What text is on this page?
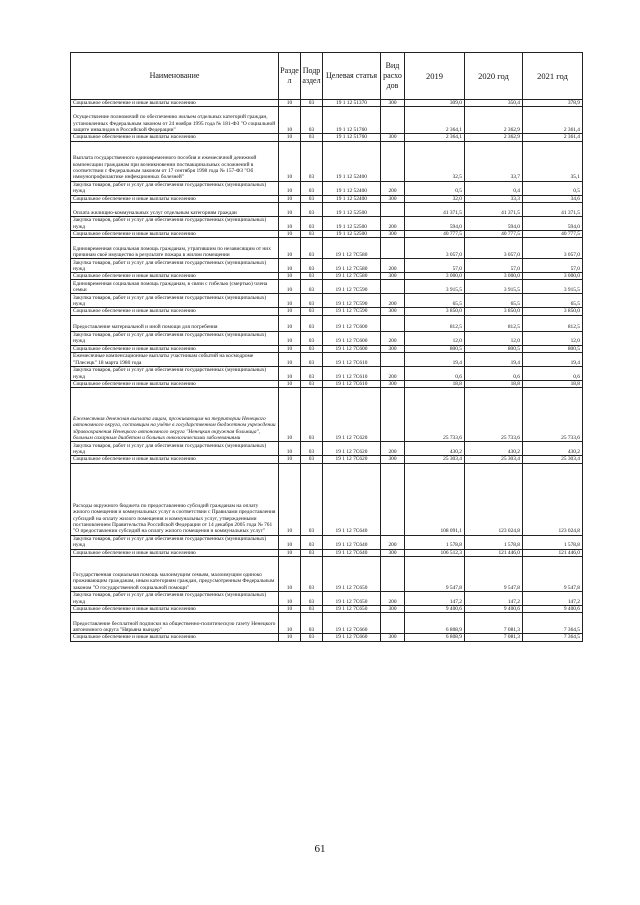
Наименование	Разде л	Подр аздел	Целевая статья	Вид расхо дов	2019	2020 год	2021 год
Социальное обеспечение и иные выплаты населению	10	03	19 1 12 51370	300	309,0	350,4	378,9
Осуществление полномочий по обеспечению жильем отдельных категорий граждан, установленных Федеральным законом от 24 ноября 1995 года № 181-ФЗ "О социальной защите инвалидов в Российской Федерации"	10	03	19 1 12 51760		2 364,1	2 362,9	2 361,4
Социальное обеспечение и иные выплаты населению	10	03	19 1 12 51760	300	2 364,1	2 362,9	2 361,4
Выплата государственного единовременного пособия и ежемесячной денежной компенсации гражданам при возникновении поствакцинальных осложнений в соответствии с Федеральным законом от 17 сентября 1998 года № 157-ФЗ "Об иммунопрофилактике инфекционных болезней"	10	03	19 1 12 52400		32,5	33,7	35,1
Закупка товаров, работ и услуг для обеспечения государственных (муниципальных) нужд	10	03	19 1 12 52400	200	0,5	0,4	0,5
Социальное обеспечение и иные выплаты населению	10	03	19 1 12 52400	300	32,0	33,3	34,6
Оплата жилищно-коммунальных услуг отдельным категориям граждан	10	03	19 1 12 52500		41 371,5	41 371,5	41 371,5
Закупка товаров, работ и услуг для обеспечения государственных (муниципальных) нужд	10	03	19 1 12 52500	200	594,0	594,0	594,0
Социальное обеспечение и иные выплаты населению	10	03	19 1 12 52500	300	40 777,5	40 777,5	40 777,5
Единовременная социальная помощь гражданам, утратившим по независящим от них причинам своё имущество в результате пожара в жилом помещении	10	03	19 1 12 7С580		3 057,0	3 057,0	3 057,0
Закупка товаров, работ и услуг для обеспечения государственных (муниципальных) нужд	10	03	19 1 12 7С580	200	57,0	57,0	57,0
Социальное обеспечение и иные выплаты населению	10	03	19 1 12 7С580	300	3 000,0	3 000,0	3 000,0
Единовременная социальная помощь гражданам, в связи с гибелью (смертью) члена семьи	10	03	19 1 12 7С590		3 915,5	3 915,5	3 915,5
Закупка товаров, работ и услуг для обеспечения государственных (муниципальных) нужд	10	03	19 1 12 7С590	200	65,5	65,5	65,5
Социальное обеспечение и иные выплаты населению	10	03	19 1 12 7С590	300	3 850,0	3 850,0	3 850,0
Предоставление материальной и иной помощи для погребения	10	03	19 1 12 7С600		812,5	812,5	812,5
Закупка товаров, работ и услуг для обеспечения государственных (муниципальных) нужд	10	03	19 1 12 7С600	200	12,0	12,0	12,0
Социальное обеспечение и иные выплаты населению	10	03	19 1 12 7С600	300	800,5	800,5	800,5
Ежемесячные компенсационные выплаты участникам событий на космодроме "Плесецк" 18 марта 1980 года	10	03	19 1 12 7С610		19,4	19,4	19,4
Закупка товаров, работ и услуг для обеспечения государственных (муниципальных) нужд	10	03	19 1 12 7С610	200	0,6	0,6	0,6
Социальное обеспечение и иные выплаты населению	10	03	19 1 12 7С610	300	18,8	18,8	18,8
Ежемесячная денежная выплата лицам, проживающим на территории Ненецкого автономного округа, состоящим на учёте в государственном бюджетном учреждении здравоохранения Ненецкого автономного округа "Ненецкая окружная больница", больным сахарным диабетом и больных онкологическими заболеваниями	10	03	19 1 12 7С620		25 733,6	25 733,6	25 733,6
Закупка товаров, работ и услуг для обеспечения государственных (муниципальных) нужд	10	03	19 1 12 7С620	200	430,2	430,2	430,2
Социальное обеспечение и иные выплаты населению	10	03	19 1 12 7С620	300	25 303,4	25 303,4	25 303,4
Расходы окружного бюджета по предоставлению субсидий гражданам на оплату жилого помещения и коммунальных услуг в соответствии с Правилами предоставления субсидий на оплату жилого помещения и коммунальных услуг, утвержденными постановлением Правительства Российской Федерации от 14 декабря 2005 года № 761 "О предоставлении субсидий на оплату жилого помещения и коммунальных услуг"	10	03	19 1 12 7С640		108 091,1	123 024,8	123 024,8
Закупка товаров, работ и услуг для обеспечения государственных (муниципальных) нужд	10	03	19 1 12 7С640	200	1 578,8	1 578,8	1 578,8
Социальное обеспечение и иные выплаты населению	10	03	19 1 12 7С640	300	106 512,3	121 446,0	121 446,0
Государственная социальная помощь малоимущим семьям, малоимущим одиноко проживающим гражданам, иным категориям граждан, предусмотренным Федеральным законом "О государственной социальной помощи"	10	03	19 1 12 7С650		9 547,8	9 547,8	9 547,8
Закупка товаров, работ и услуг для обеспечения государственных (муниципальных) нужд	10	03	19 1 12 7С650	200	147,2	147,2	147,2
Социальное обеспечение и иные выплаты населению	10	03	19 1 12 7С650	300	9 400,6	9 400,6	9 400,6
Предоставление бесплатной подписки на общественно-политическую газету Ненецкого автономного округа "Нярьяна вындер"	10	03	19 1 12 7С660		6 808,9	7 081,3	7 364,5
Социальное обеспечение и иные выплаты населению	10	03	19 1 12 7С660	300	6 808,9	7 081,3	7 364,5
61
